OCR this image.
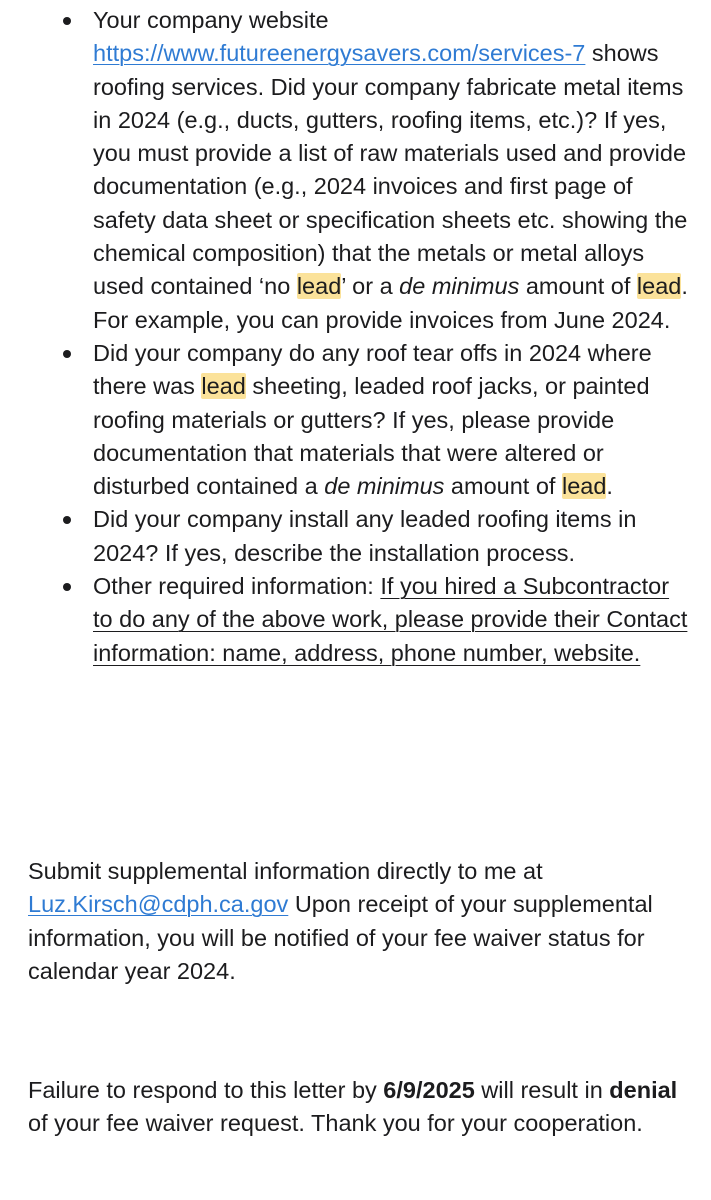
Your company website https://www.futureenergysavers.com/services-7 shows roofing services. Did your company fabricate metal items in 2024 (e.g., ducts, gutters, roofing items, etc.)? If yes, you must provide a list of raw materials used and provide documentation (e.g., 2024 invoices and first page of safety data sheet or specification sheets etc. showing the chemical composition) that the metals or metal alloys used contained ‘no lead’ or a de minimus amount of lead. For example, you can provide invoices from June 2024.
Did your company do any roof tear offs in 2024 where there was lead sheeting, leaded roof jacks, or painted roofing materials or gutters? If yes, please provide documentation that materials that were altered or disturbed contained a de minimus amount of lead.
Did your company install any leaded roofing items in 2024? If yes, describe the installation process.
Other required information: If you hired a Subcontractor to do any of the above work, please provide their Contact information: name, address, phone number, website.

Submit supplemental information directly to me at Luz.Kirsch@cdph.ca.gov Upon receipt of your supplemental information, you will be notified of your fee waiver status for calendar year 2024.

Failure to respond to this letter by 6/9/2025 will result in denial of your fee waiver request. Thank you for your cooperation.
